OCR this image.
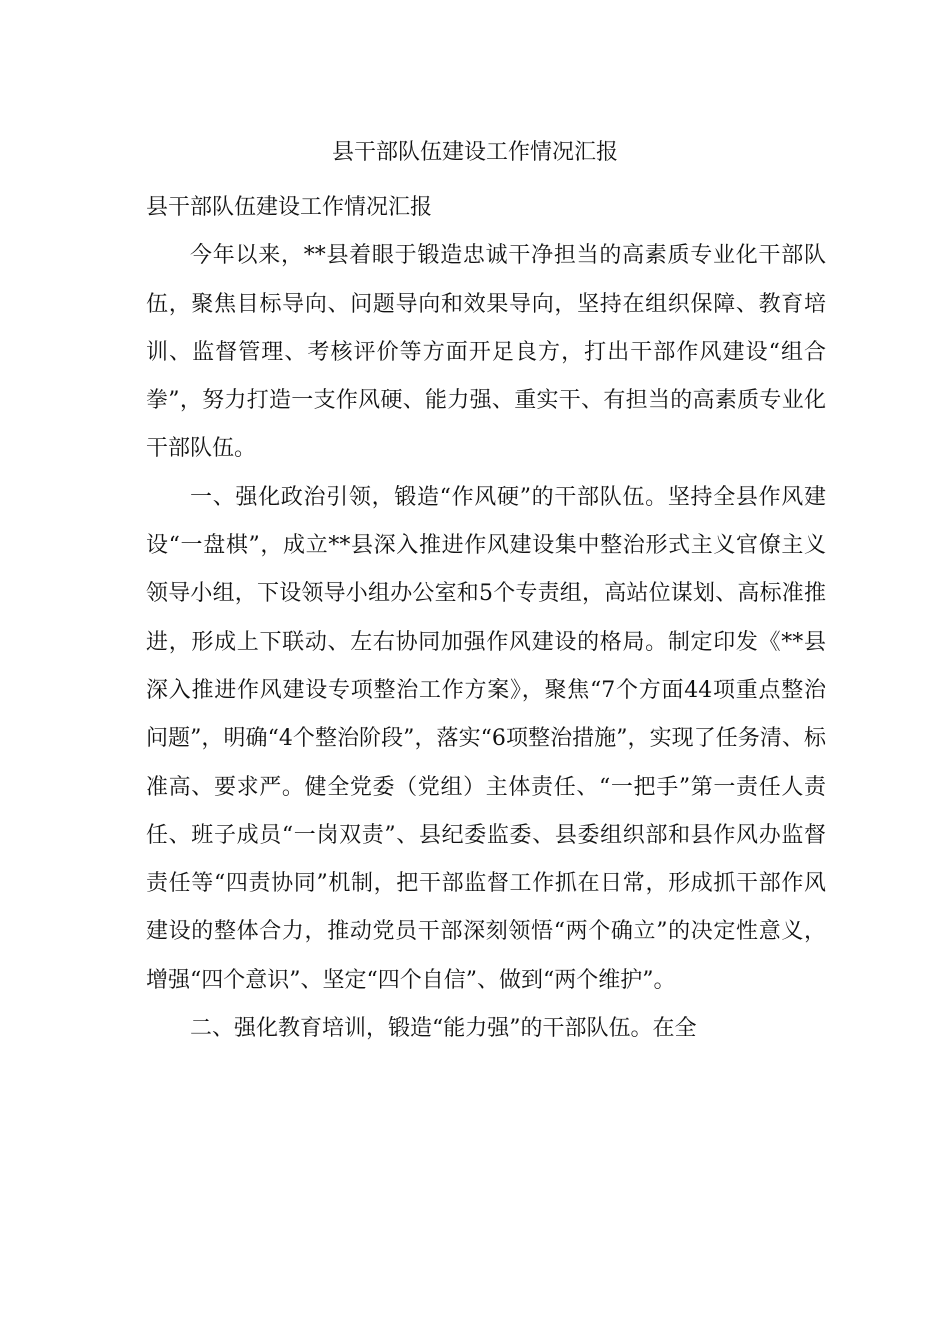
县干部队伍建设工作情况汇报

县干部队伍建设工作情况汇报

今年以来，**县着眼于锻造忠诚干净担当的高素质专业化干部队伍，聚焦目标导向、问题导向和效果导向，坚持在组织保障、教育培训、监督管理、考核评价等方面开足良方，打出干部作风建设“组合拳”，努力打造一支作风硬、能力强、重实干、有担当的高素质专业化干部队伍。

一、强化政治引领，锻造“作风硬”的干部队伍。坚持全县作风建设“一盘棋”，成立**县深入推进作风建设集中整治形式主义官僚主义领导小组，下设领导小组办公室和5个专责组，高站位谋划、高标准推进，形成上下联动、左右协同加强作风建设的格局。制定印发《**县深入推进作风建设专项整治工作方案》，聚焦“7个方面44项重点整治问题”，明确“4个整治阶段”，落实“6项整治措施”，实现了任务清、标准高、要求严。健全党委（党组）主体责任、“一把手”第一责任人责任、班子成员“一岗双责”、县纪委监委、县委组织部和县作风办监督责任等“四责协同”机制，把干部监督工作抓在日常，形成抓干部作风建设的整体合力，推动党员干部深刻领悟“两个确立”的决定性意义，增强“四个意识”、坚定“四个自信”、做到“两个维护”。

二、强化教育培训，锻造“能力强”的干部队伍。在全
